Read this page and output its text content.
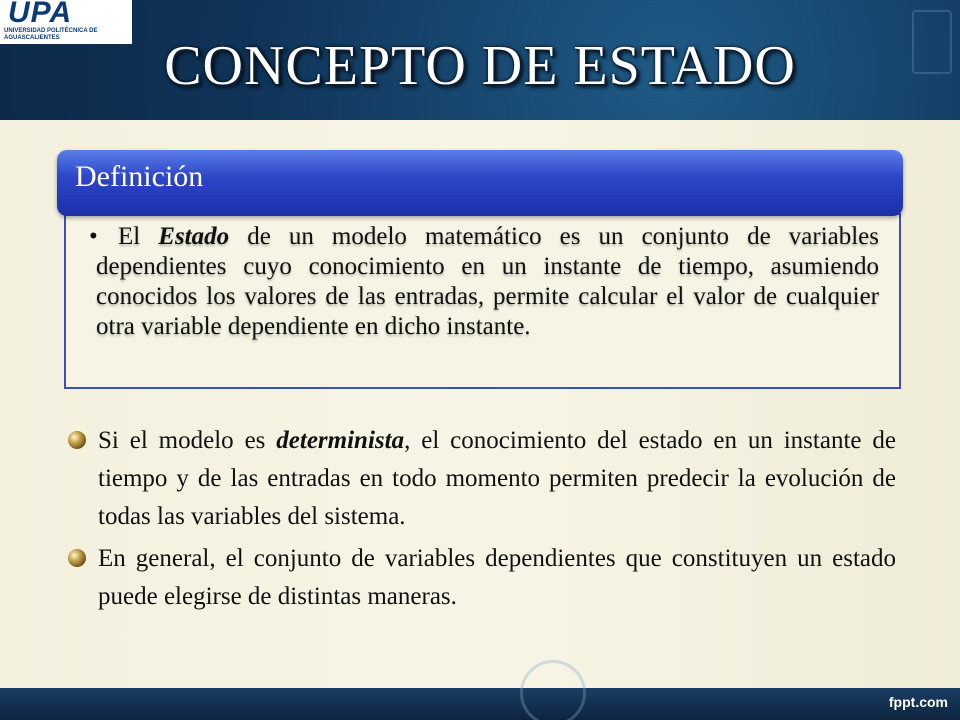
UPA
UNIVERSIDAD POLITÉCNICA DE AGUASCALIENTES	CONCEPTO DE ESTADO
Definición
• El Estado de un modelo matemático es un conjunto de variables dependientes cuyo conocimiento en un instante de tiempo, asumiendo conocidos los valores de las entradas, permite calcular el valor de cualquier otra variable dependiente en dicho instante.
Si el modelo es determinista, el conocimiento del estado en un instante de tiempo y de las entradas en todo momento permiten predecir la evolución de todas las variables del sistema.
En general, el conjunto de variables dependientes que constituyen un estado puede elegirse de distintas maneras.
fppt.com
